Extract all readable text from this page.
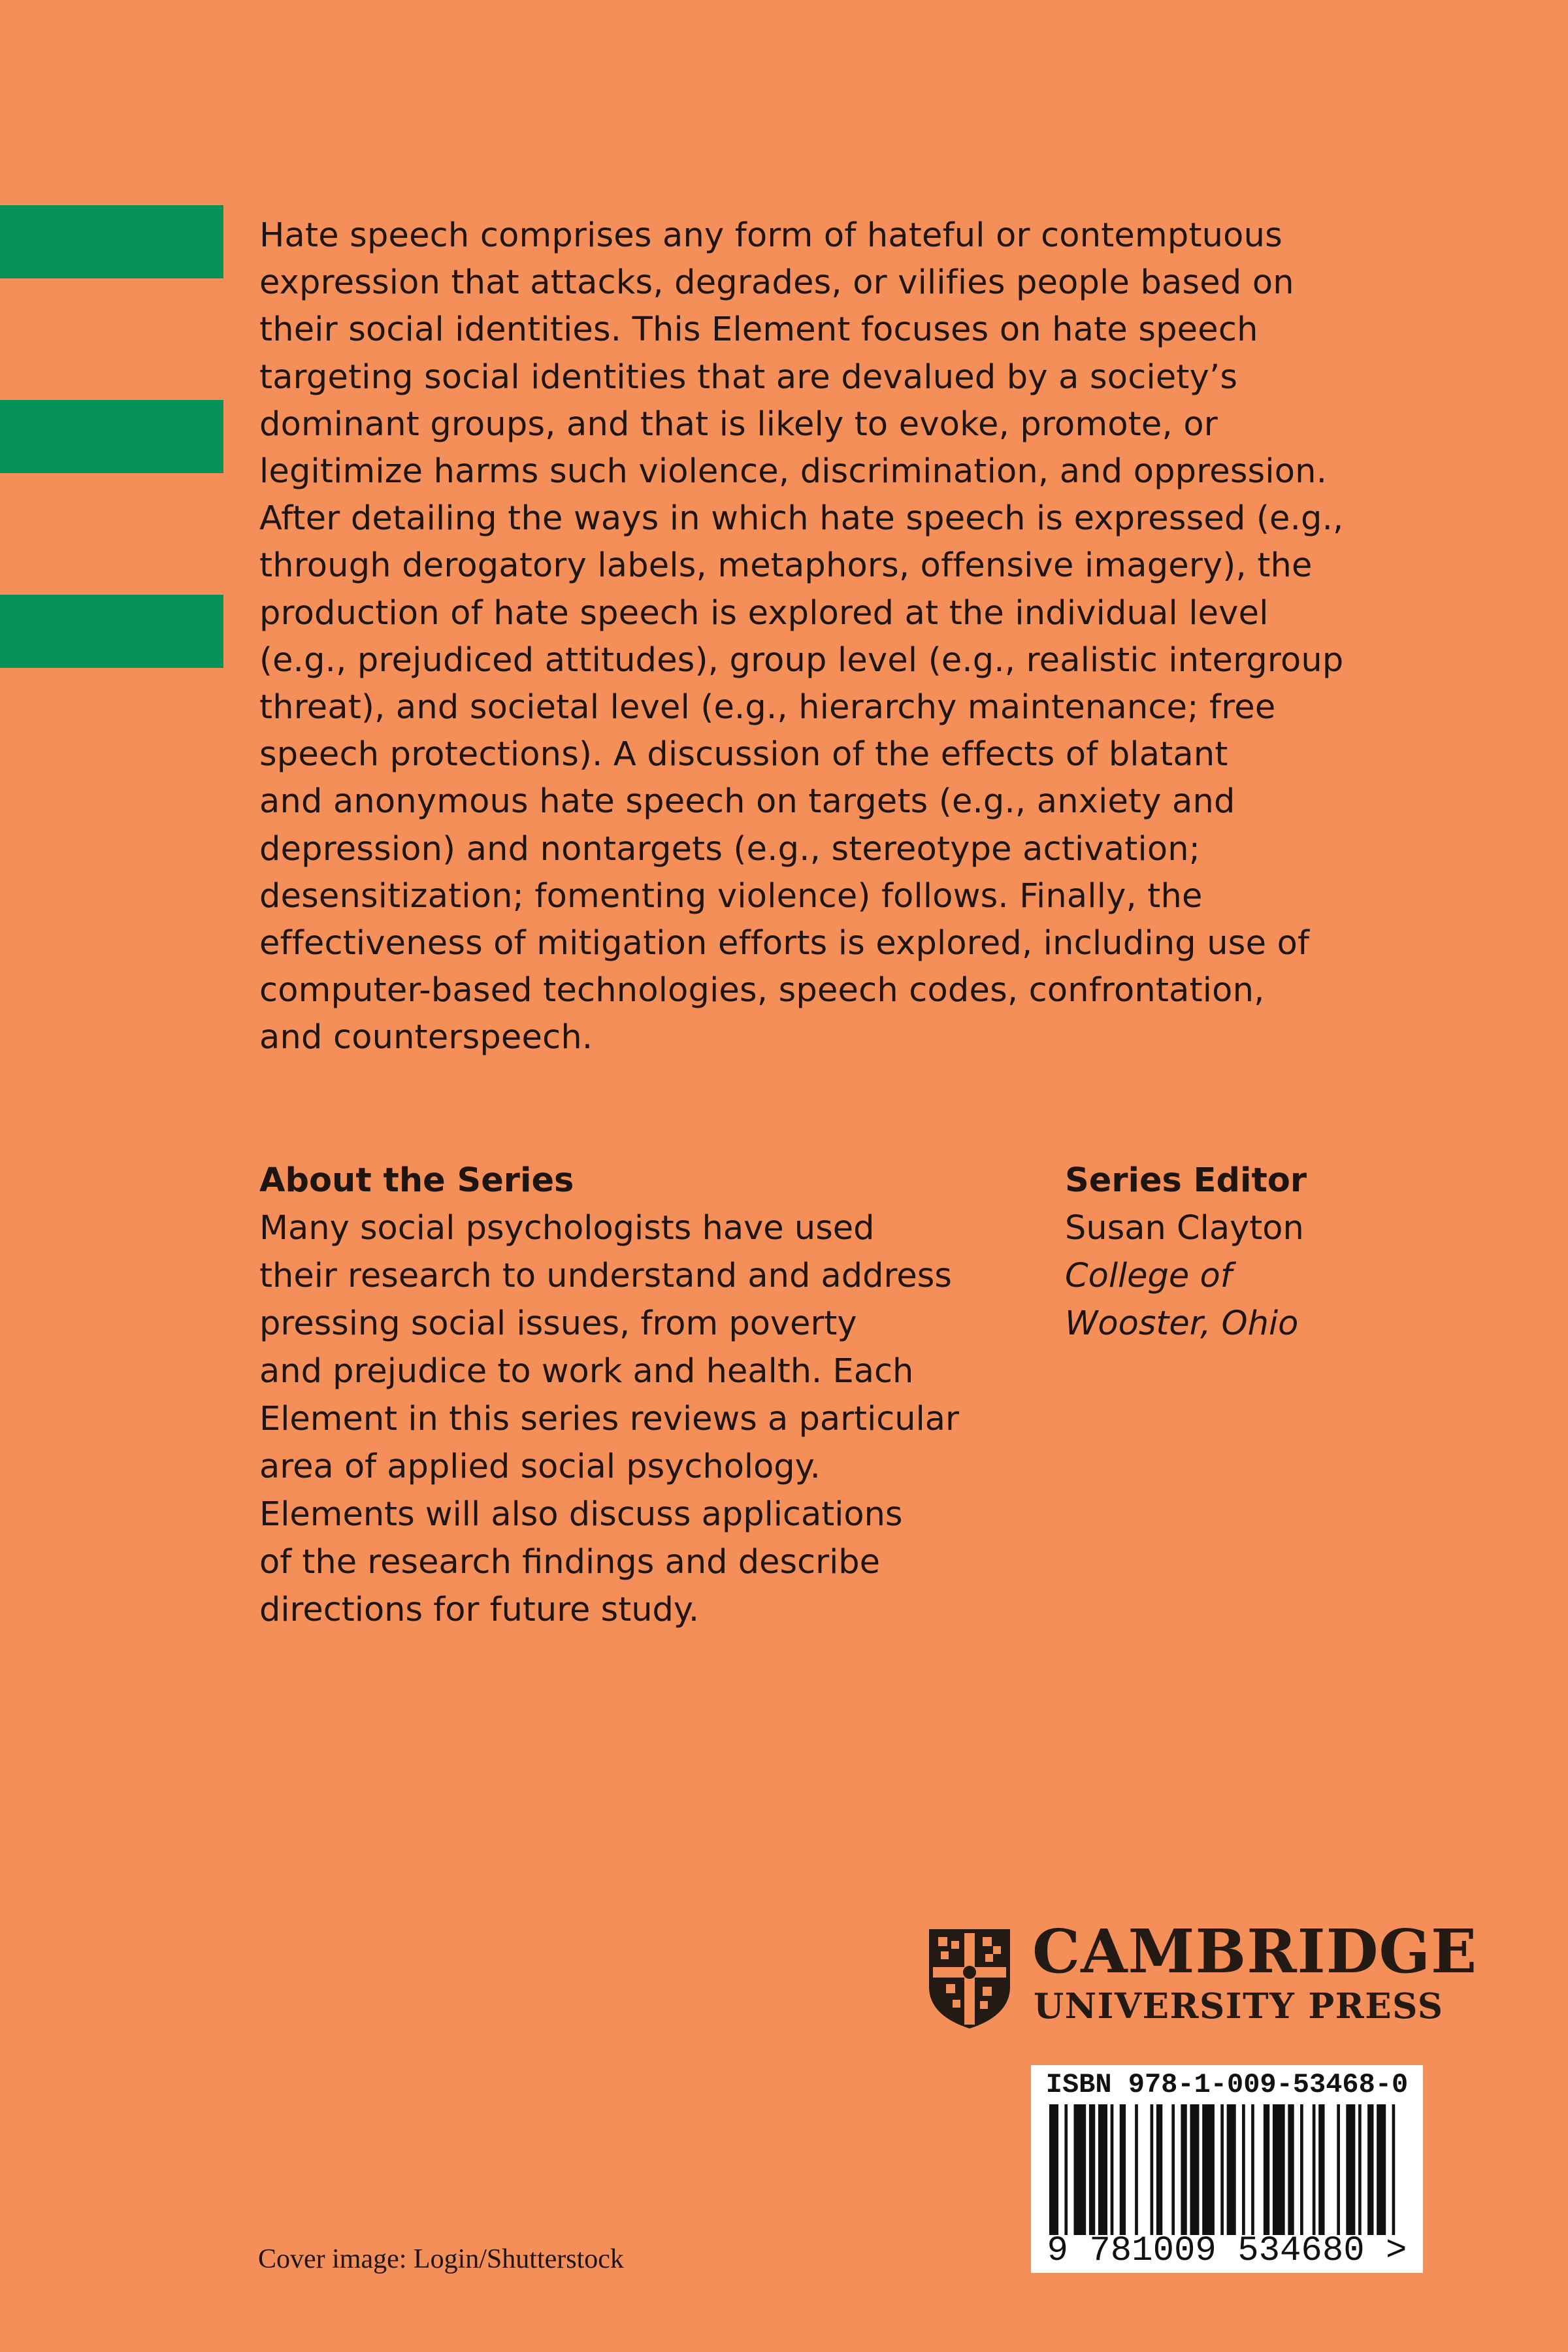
Hate speech comprises any form of hateful or contemptuous
expression that attacks, degrades, or vilifies people based on
their social identities. This Element focuses on hate speech
targeting social identities that are devalued by a society’s
dominant groups, and that is likely to evoke, promote, or
legitimize harms such violence, discrimination, and oppression.
After detailing the ways in which hate speech is expressed (e.g.,
through derogatory labels, metaphors, offensive imagery), the
production of hate speech is explored at the individual level
(e.g., prejudiced attitudes), group level (e.g., realistic intergroup
threat), and societal level (e.g., hierarchy maintenance; free
speech protections). A discussion of the effects of blatant
and anonymous hate speech on targets (e.g., anxiety and
depression) and nontargets (e.g., stereotype activation;
desensitization; fomenting violence) follows. Finally, the
effectiveness of mitigation efforts is explored, including use of
computer-based technologies, speech codes, confrontation,
and counterspeech.

About the Series
Many social psychologists have used
their research to understand and address
pressing social issues, from poverty
and prejudice to work and health. Each
Element in this series reviews a particular
area of applied social psychology.
Elements will also discuss applications
of the research findings and describe
directions for future study.
Series Editor
Susan Clayton
College of
Wooster, Ohio
CAMBRIDGE
UNIVERSITY PRESS
ISBN 978-1-009-53468-0
9 781009 534680 >
Cover image: Login/Shutterstock
